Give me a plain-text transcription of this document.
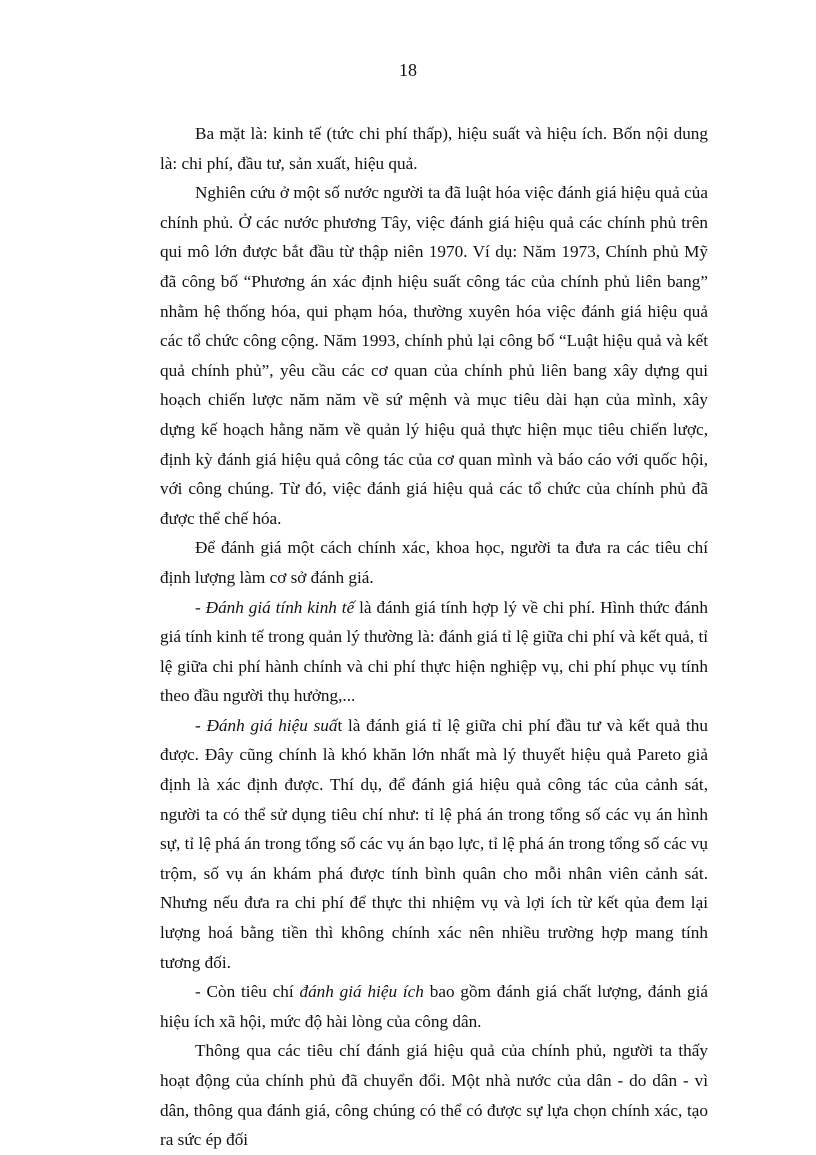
18

Ba mặt là: kinh tế (tức chi phí thấp), hiệu suất và hiệu ích. Bốn nội dung là: chi phí, đầu tư, sản xuất, hiệu quả.

Nghiên cứu ở một số nước người ta đã luật hóa việc đánh giá hiệu quả của chính phủ. Ở các nước phương Tây, việc đánh giá hiệu quả các chính phủ trên qui mô lớn được bắt đầu từ thập niên 1970. Ví dụ: Năm 1973, Chính phủ Mỹ đã công bố “Phương án xác định hiệu suất công tác của chính phủ liên bang” nhằm hệ thống hóa, qui phạm hóa, thường xuyên hóa việc đánh giá hiệu quả các tổ chức công cộng. Năm 1993, chính phủ lại công bố “Luật hiệu quả và kết quả chính phủ”, yêu cầu các cơ quan của chính phủ liên bang xây dựng qui hoạch chiến lược năm năm về sứ mệnh và mục tiêu dài hạn của mình, xây dựng kế hoạch hằng năm về quản lý hiệu quả thực hiện mục tiêu chiến lược, định kỳ đánh giá hiệu quả công tác của cơ quan mình và báo cáo với quốc hội, với công chúng. Từ đó, việc đánh giá hiệu quả các tổ chức của chính phủ đã được thể chế hóa.

Để đánh giá một cách chính xác, khoa học, người ta đưa ra các tiêu chí định lượng làm cơ sở đánh giá.

- Đánh giá tính kinh tế là đánh giá tính hợp lý về chi phí. Hình thức đánh giá tính kinh tế trong quản lý thường là: đánh giá tỉ lệ giữa chi phí và kết quả, tỉ lệ giữa chi phí hành chính và chi phí thực hiện nghiệp vụ, chi phí phục vụ tính theo đầu người thụ hưởng,...

- Đánh giá hiệu suất là đánh giá tỉ lệ giữa chi phí đầu tư và kết quả thu được. Đây cũng chính là khó khăn lớn nhất mà lý thuyết hiệu quả Pareto giả định là xác định được. Thí dụ, để đánh giá hiệu quả công tác của cảnh sát, người ta có thể sử dụng tiêu chí như: tỉ lệ phá án trong tổng số các vụ án hình sự, tỉ lệ phá án trong tổng số các vụ án bạo lực, tỉ lệ phá án trong tổng số các vụ trộm, số vụ án khám phá được tính bình quân cho mỗi nhân viên cảnh sát. Nhưng nếu đưa ra chi phí để thực thi nhiệm vụ và lợi ích từ kết qủa đem lại lượng hoá bằng tiền thì không chính xác nên nhiều trường hợp mang tính tương đối.

- Còn tiêu chí đánh giá hiệu ích bao gồm đánh giá chất lượng, đánh giá hiệu ích xã hội, mức độ hài lòng của công dân.

Thông qua các tiêu chí đánh giá hiệu quả của chính phủ, người ta thấy hoạt động của chính phủ đã chuyển đổi. Một nhà nước của dân - do dân - vì dân, thông qua đánh giá, công chúng có thể có được sự lựa chọn chính xác, tạo ra sức ép đối
